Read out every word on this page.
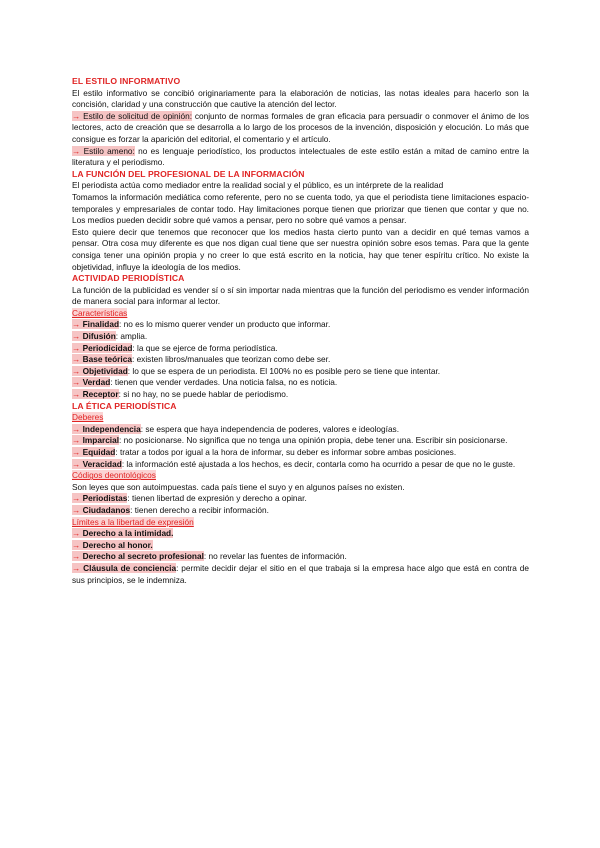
EL ESTILO INFORMATIVO

El estilo informativo se concibió originariamente para la elaboración de noticias, las notas ideales para hacerlo son la concisión, claridad y una construcción que cautive la atención del lector.

→ Estilo de solicitud de opinión: conjunto de normas formales de gran eficacia para persuadir o conmover el ánimo de los lectores, acto de creación que se desarrolla a lo largo de los procesos de la invención, disposición y elocución. Lo más que consigue es forzar la aparición del editorial, el comentario y el artículo.

→ Estilo ameno: no es lenguaje periodístico, los productos intelectuales de este estilo están a mitad de camino entre la literatura y el periodismo.

LA FUNCIÓN DEL PROFESIONAL DE LA INFORMACIÓN

El periodista actúa como mediador entre la realidad social y el público, es un intérprete de la realidad

Tomamos la información mediática como referente, pero no se cuenta todo, ya que el periodista tiene limitaciones espacio-temporales y empresariales de contar todo. Hay limitaciones porque tienen que priorizar que tienen que contar y que no. Los medios pueden decidir sobre qué vamos a pensar, pero no sobre qué vamos a pensar.

Esto quiere decir que tenemos que reconocer que los medios hasta cierto punto van a decidir en qué temas vamos a pensar. Otra cosa muy diferente es que nos digan cual tiene que ser nuestra opinión sobre esos temas. Para que la gente consiga tener una opinión propia y no creer lo que está escrito en la noticia, hay que tener espíritu crítico. No existe la objetividad, influye la ideología de los medios.

ACTIVIDAD PERIODÍSTICA

La función de la publicidad es vender sí o sí sin importar nada mientras que la función del periodismo es vender información de manera social para informar al lector.

Características

→ Finalidad: no es lo mismo querer vender un producto que informar.

→ Difusión: amplia.

→ Periodicidad: la que se ejerce de forma periodística.

→ Base teórica: existen libros/manuales que teorizan como debe ser.

→ Objetividad: lo que se espera de un periodista. El 100% no es posible pero se tiene que intentar.

→ Verdad: tienen que vender verdades. Una noticia falsa, no es noticia.

→ Receptor: si no hay, no se puede hablar de periodismo.

LA ÉTICA PERIODÍSTICA

Deberes

→ Independencia: se espera que haya independencia de poderes, valores e ideologías.

→ Imparcial: no posicionarse. No significa que no tenga una opinión propia, debe tener una. Escribir sin posicionarse.

→ Equidad: tratar a todos por igual a la hora de informar, su deber es informar sobre ambas posiciones.

→ Veracidad: la información esté ajustada a los hechos, es decir, contarla como ha ocurrido a pesar de que no le guste.

Códigos deontológicos

Son leyes que son autoimpuestas. cada país tiene el suyo y en algunos países no existen.

→ Periodistas: tienen libertad de expresión y derecho a opinar.

→ Ciudadanos: tienen derecho a recibir información.

Límites a la libertad de expresión

→ Derecho a la intimidad.

→ Derecho al honor.

→ Derecho al secreto profesional: no revelar las fuentes de información.

→ Cláusula de conciencia: permite decidir dejar el sitio en el que trabaja si la empresa hace algo que está en contra de sus principios, se le indemniza.
